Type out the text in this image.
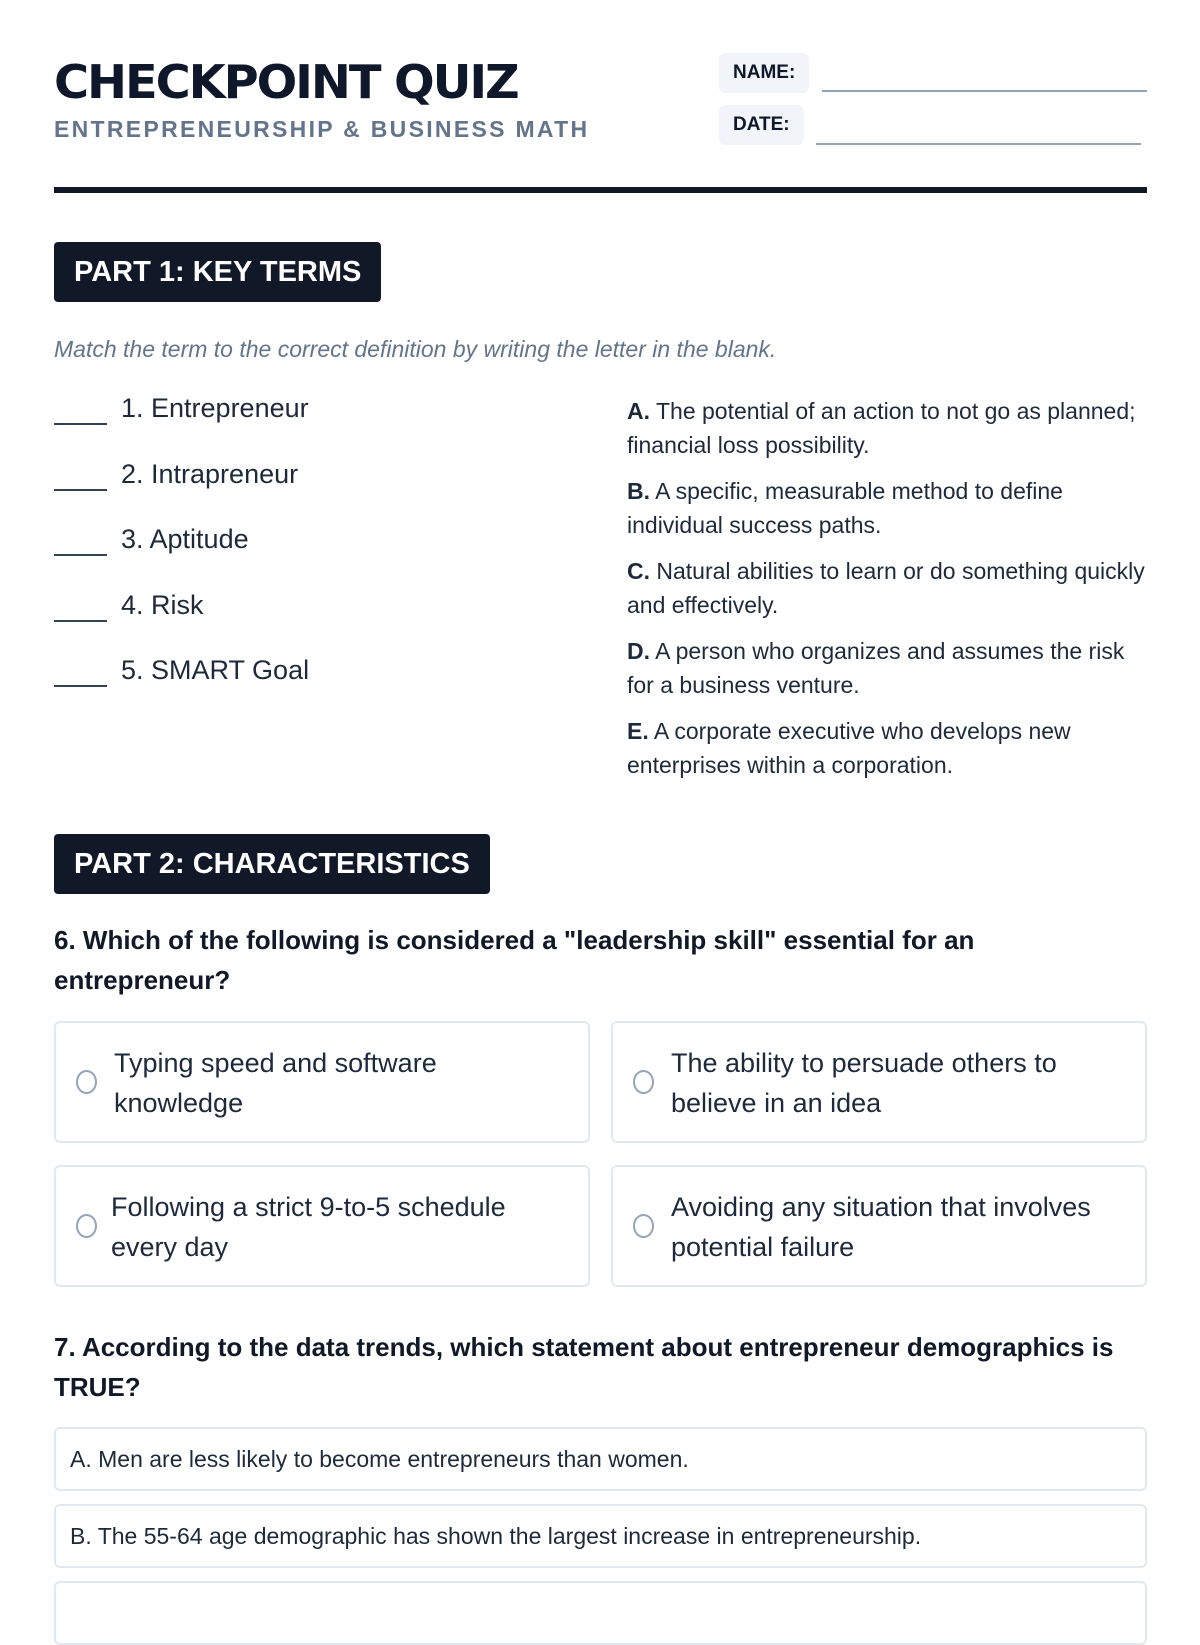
CHECKPOINT QUIZ
ENTREPRENEURSHIP & BUSINESS MATH
NAME:
DATE:
PART 1: KEY TERMS
Match the term to the correct definition by writing the letter in the blank.
1. Entrepreneur
2. Intrapreneur
3. Aptitude
4. Risk
5. SMART Goal
A. The potential of an action to not go as planned; financial loss possibility.
B. A specific, measurable method to define individual success paths.
C. Natural abilities to learn or do something quickly and effectively.
D. A person who organizes and assumes the risk for a business venture.
E. A corporate executive who develops new enterprises within a corporation.
PART 2: CHARACTERISTICS
6. Which of the following is considered a "leadership skill" essential for an entrepreneur?
Typing speed and software knowledge
The ability to persuade others to believe in an idea
Following a strict 9-to-5 schedule every day
Avoiding any situation that involves potential failure
7. According to the data trends, which statement about entrepreneur demographics is TRUE?
A. Men are less likely to become entrepreneurs than women.
B. The 55-64 age demographic has shown the largest increase in entrepreneurship.
